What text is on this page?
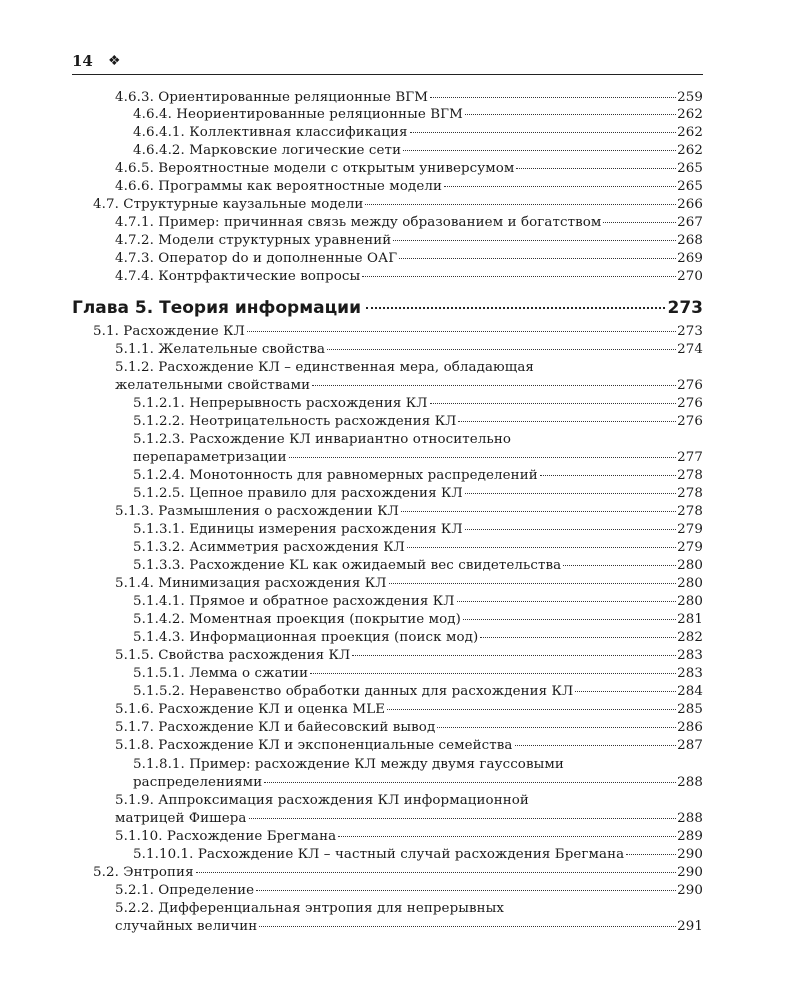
14 ❖
4.6.3. Ориентированные реляционные ВГМ	259
4.6.4. Неориентированные реляционные ВГМ	262
4.6.4.1. Коллективная классификация	262
4.6.4.2. Марковские логические сети	262
4.6.5. Вероятностные модели с открытым универсумом	265
4.6.6. Программы как вероятностные модели	265
4.7. Структурные каузальные модели	266
4.7.1. Пример: причинная связь между образованием и богатством	267
4.7.2. Модели структурных уравнений	268
4.7.3. Оператор do и дополненные ОАГ	269
4.7.4. Контрфактические вопросы	270
Глава 5. Теория информации	273
5.1. Расхождение КЛ	273
5.1.1. Желательные свойства	274
5.1.2. Расхождение КЛ – единственная мера, обладающая
желательными свойствами	276
5.1.2.1. Непрерывность расхождения КЛ	276
5.1.2.2. Неотрицательность расхождения КЛ	276
5.1.2.3. Расхождение КЛ инвариантно относительно
перепараметризации	277
5.1.2.4. Монотонность для равномерных распределений	278
5.1.2.5. Цепное правило для расхождения КЛ	278
5.1.3. Размышления о расхождении КЛ	278
5.1.3.1. Единицы измерения расхождения КЛ	279
5.1.3.2. Асимметрия расхождения КЛ	279
5.1.3.3. Расхождение KL как ожидаемый вес свидетельства	280
5.1.4. Минимизация расхождения КЛ	280
5.1.4.1. Прямое и обратное расхождения КЛ	280
5.1.4.2. Моментная проекция (покрытие мод)	281
5.1.4.3. Информационная проекция (поиск мод)	282
5.1.5. Свойства расхождения КЛ	283
5.1.5.1. Лемма о сжатии	283
5.1.5.2. Неравенство обработки данных для расхождения КЛ	284
5.1.6. Расхождение КЛ и оценка MLE	285
5.1.7. Расхождение КЛ и байесовский вывод	286
5.1.8. Расхождение КЛ и экспоненциальные семейства	287
5.1.8.1. Пример: расхождение КЛ между двумя гауссовыми
распределениями	288
5.1.9. Аппроксимация расхождения КЛ информационной
матрицей Фишера	288
5.1.10. Расхождение Брегмана	289
5.1.10.1. Расхождение КЛ – частный случай расхождения Брегмана	290
5.2. Энтропия	290
5.2.1. Определение	290
5.2.2. Дифференциальная энтропия для непрерывных
случайных величин	291
